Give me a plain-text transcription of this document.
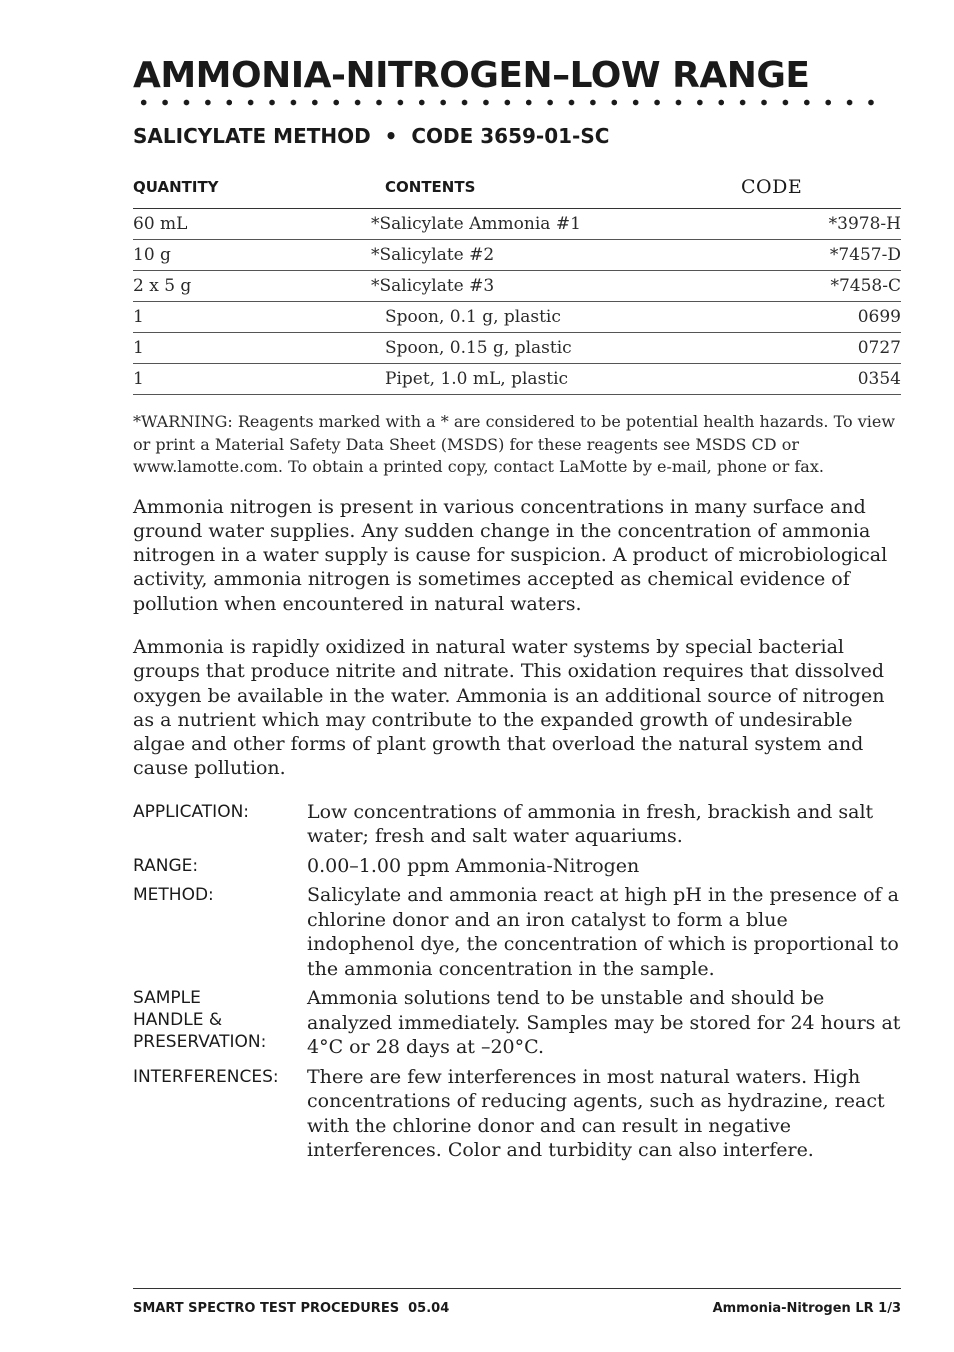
AMMONIA-NITROGEN–LOW RANGE
SALICYLATE METHOD  •  CODE 3659-01-SC
QUANTITY	CONTENTS	CODE
60 mL	*Salicylate Ammonia #1	*3978-H
10 g	*Salicylate #2	*7457-D
2 x 5 g	*Salicylate #3	*7458-C
1	Spoon, 0.1 g, plastic	0699
1	Spoon, 0.15 g, plastic	0727
1	Pipet, 1.0 mL, plastic	0354

*WARNING: Reagents marked with a * are considered to be potential health hazards. To view or print a Material Safety Data Sheet (MSDS) for these reagents see MSDS CD or www.lamotte.com. To obtain a printed copy, contact LaMotte by e-mail, phone or fax.

Ammonia nitrogen is present in various concentrations in many surface and ground water supplies. Any sudden change in the concentration of ammonia nitrogen in a water supply is cause for suspicion. A product of microbiological activity, ammonia nitrogen is sometimes accepted as chemical evidence of pollution when encountered in natural waters.

Ammonia is rapidly oxidized in natural water systems by special bacterial groups that produce nitrite and nitrate. This oxidation requires that dissolved oxygen be available in the water. Ammonia is an additional source of nitrogen as a nutrient which may contribute to the expanded growth of undesirable algae and other forms of plant growth that overload the natural system and cause pollution.

APPLICATION:	Low concentrations of ammonia in fresh, brackish and salt water; fresh and salt water aquariums.
RANGE:	0.00–1.00 ppm Ammonia-Nitrogen
METHOD:	Salicylate and ammonia react at high pH in the presence of a chlorine donor and an iron catalyst to form a blue indophenol dye, the concentration of which is proportional to the ammonia concentration in the sample.
SAMPLE
HANDLE &
PRESERVATION:
Ammonia solutions tend to be unstable and should be analyzed immediately. Samples may be stored for 24 hours at 4°C or 28 days at –20°C.
INTERFERENCES:	There are few interferences in most natural waters. High concentrations of reducing agents, such as hydrazine, react with the chlorine donor and can result in negative interferences. Color and turbidity can also interfere.
SMART SPECTRO TEST PROCEDURES  05.04	Ammonia-Nitrogen LR 1/3
